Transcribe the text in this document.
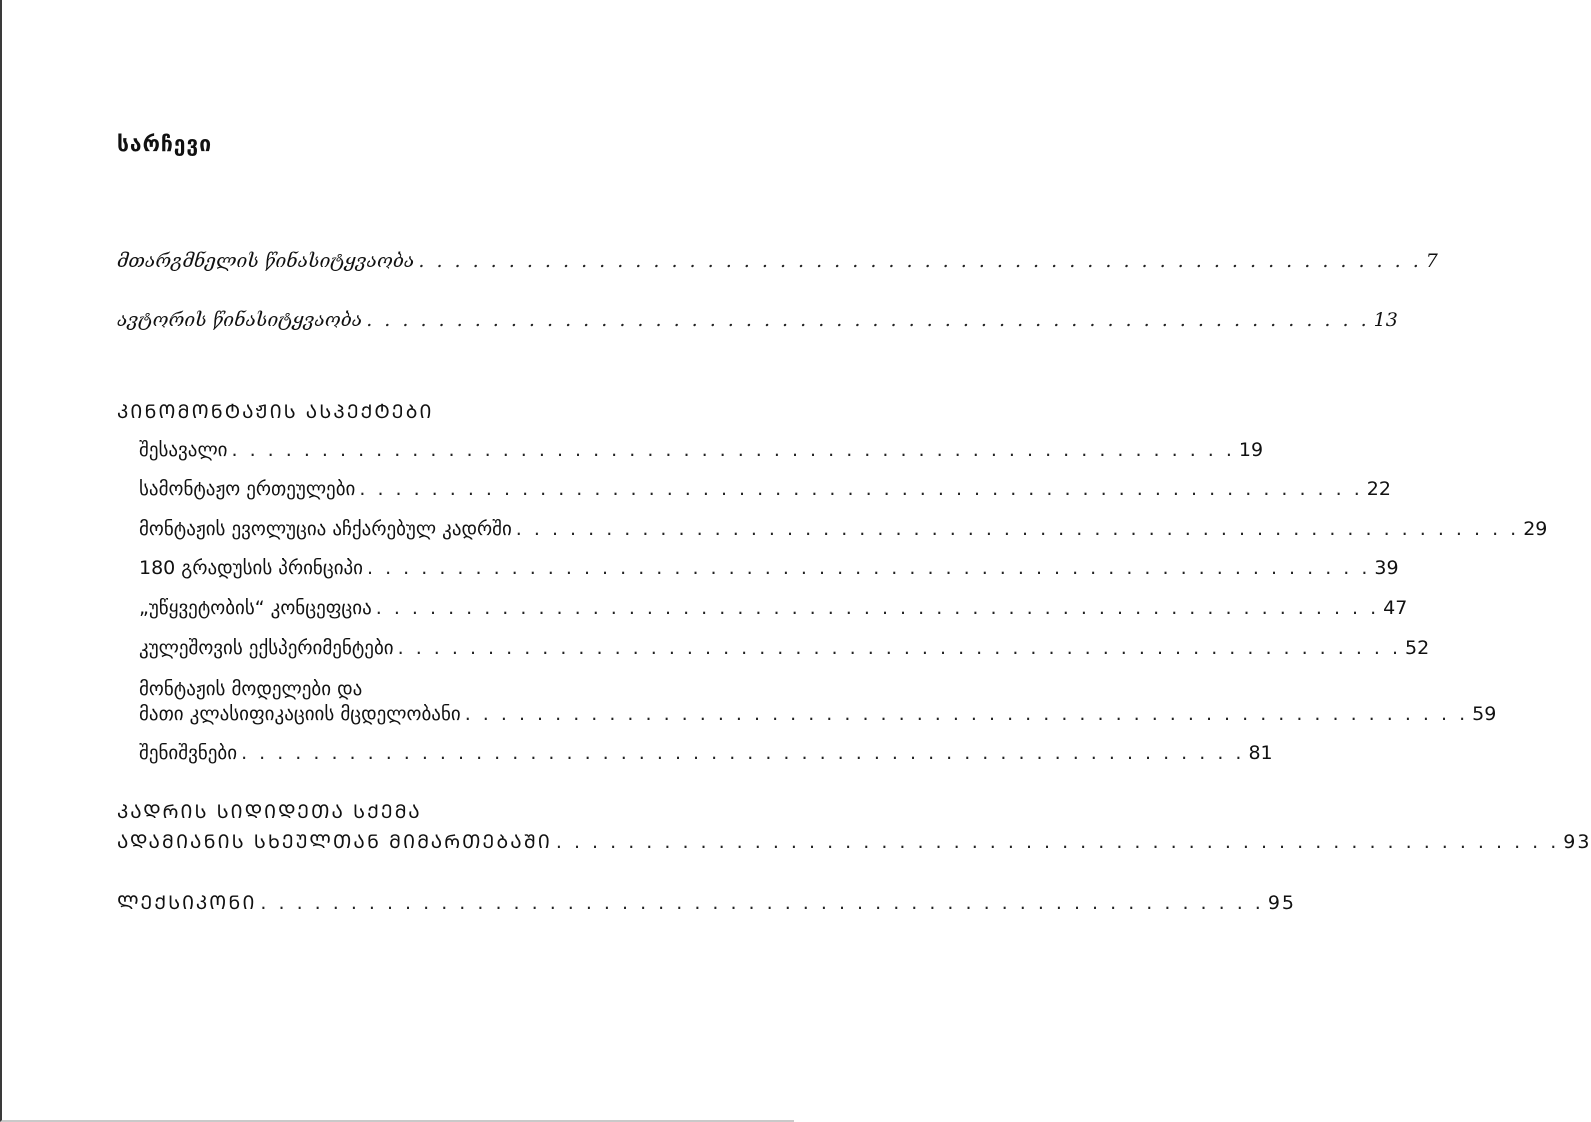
სარჩევი
მთარგმნელის წინასიტყვაობა . . . . . . . . . . . . . . . . . . . . . . . . . . . . . . . . . . . . . . . . . . . . . . . . . . . . . . . . 7
ავტორის წინასიტყვაობა . . . . . . . . . . . . . . . . . . . . . . . . . . . . . . . . . . . . . . . . . . . . . . . . . . . . . . . . 13
ᲙᲘᲜᲝᲛᲝᲜᲢᲐᲟᲘᲡ ᲐᲡᲞᲔᲥᲢᲔᲑᲘ
შესავალი . . . . . . . . . . . . . . . . . . . . . . . . . . . . . . . . . . . . . . . . . . . . . . . . . . . . . . . . 19
სამონტაჟო ერთეულები . . . . . . . . . . . . . . . . . . . . . . . . . . . . . . . . . . . . . . . . . . . . . . . . . . . . . . . . 22
მონტაჟის ევოლუცია აჩქარებულ კადრში . . . . . . . . . . . . . . . . . . . . . . . . . . . . . . . . . . . . . . . . . . . . . . . . . . . . . . . . 29
180 გრადუსის პრინციპი . . . . . . . . . . . . . . . . . . . . . . . . . . . . . . . . . . . . . . . . . . . . . . . . . . . . . . . . 39
„უწყვეტობის“ კონცეფცია . . . . . . . . . . . . . . . . . . . . . . . . . . . . . . . . . . . . . . . . . . . . . . . . . . . . . . . . 47
კულეშოვის ექსპერიმენტები . . . . . . . . . . . . . . . . . . . . . . . . . . . . . . . . . . . . . . . . . . . . . . . . . . . . . . . . 52
მონტაჟის მოდელები და
მათი კლასიფიკაციის მცდელობანი . . . . . . . . . . . . . . . . . . . . . . . . . . . . . . . . . . . . . . . . . . . . . . . . . . . . . . . . 59
შენიშვნები . . . . . . . . . . . . . . . . . . . . . . . . . . . . . . . . . . . . . . . . . . . . . . . . . . . . . . . . 81
ᲙᲐᲓᲠᲘᲡ ᲡᲘᲓᲘᲓᲔᲗᲐ ᲡᲥᲔᲛᲐ
ᲐᲓᲐᲛᲘᲐᲜᲘᲡ ᲡᲮᲔᲣᲚᲗᲐᲜ ᲛᲘᲛᲐᲠᲗᲔᲑᲐᲨᲘ . . . . . . . . . . . . . . . . . . . . . . . . . . . . . . . . . . . . . . . . . . . . . . . . . . . . . . . . 93
ᲚᲔᲥᲡᲘᲙᲝᲜᲘ . . . . . . . . . . . . . . . . . . . . . . . . . . . . . . . . . . . . . . . . . . . . . . . . . . . . . . . . 95
